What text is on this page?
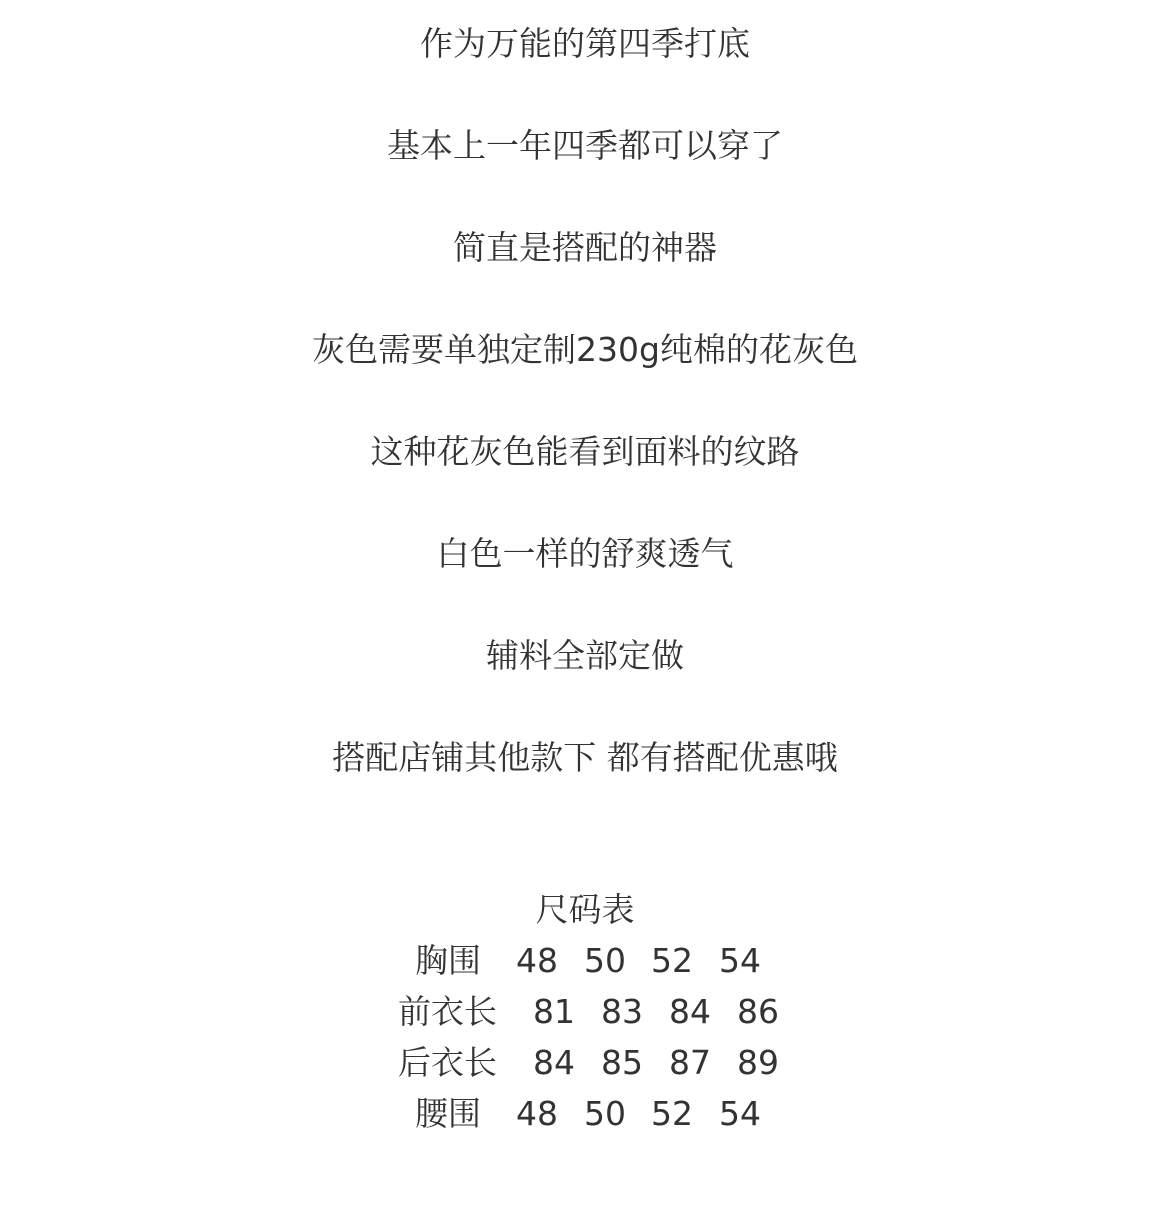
作为万能的第四季打底
基本上一年四季都可以穿了
简直是搭配的神器
灰色需要单独定制230g纯棉的花灰色
这种花灰色能看到面料的纹路
白色一样的舒爽透气
辅料全部定做
搭配店铺其他款下 都有搭配优惠哦
尺码表
胸围 48 50 52 54
前衣长 81 83 84 86
后衣长 84 85 87 89
腰围 48 50 52 54
